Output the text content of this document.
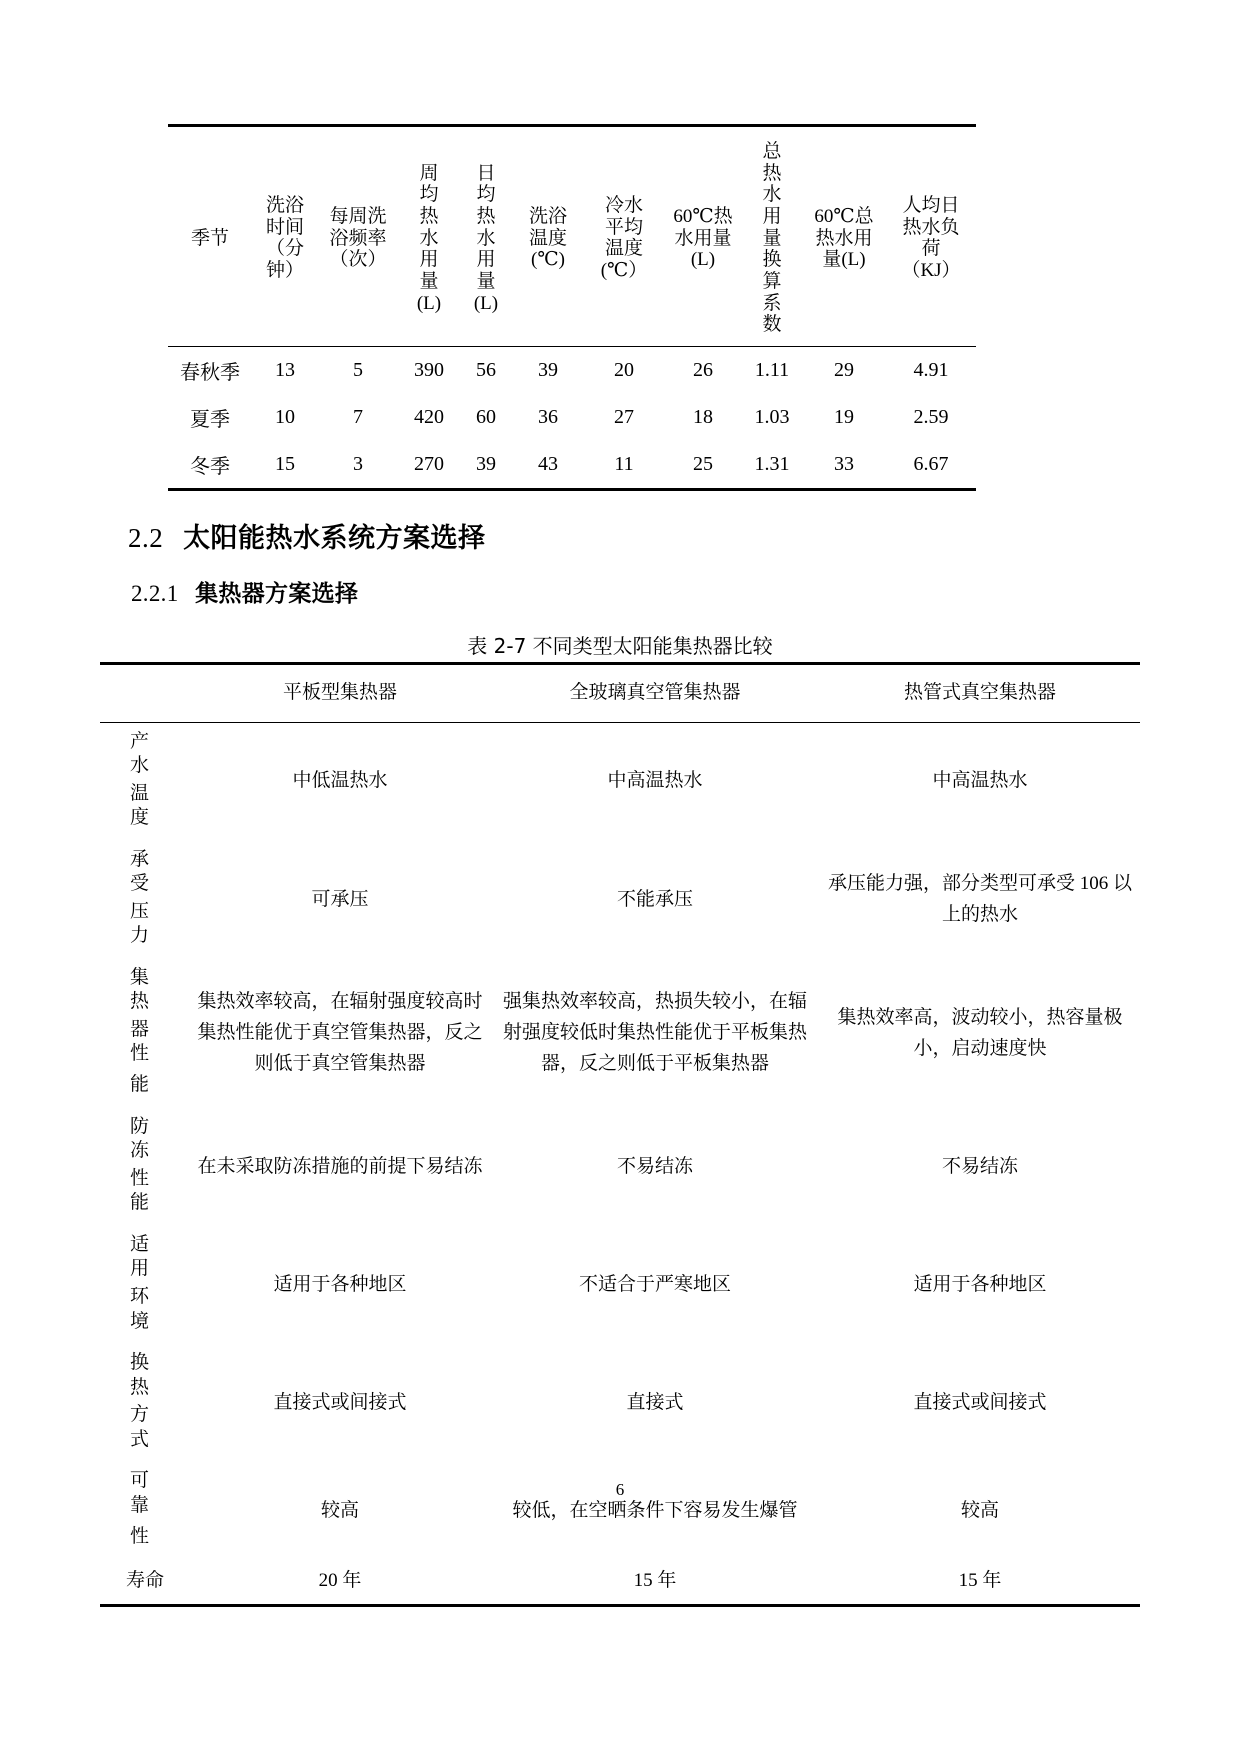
季节

洗浴
时间
（分
钟）

每周洗
浴频率
（次）

周
均
热
水
用
量
(L)

日
均
热
水
用
量
(L)

洗浴
温度
(℃)

冷水
平均
温度
(℃）

60℃热
水用量
(L)

总
热
水
用
量
换
算
系
数

60℃总
热水用
量(L)

人均日
热水负
荷
（KJ）

春秋季	13	5	390	56	39	20	26	1.11	29	4.91
夏季	10	7	420	60	36	27	18	1.03	19	2.59
冬季	15	3	270	39	43	11	25	1.31	33	6.67
2.2 太阳能热水系统方案选择
2.2.1 集热器方案选择
表 2-7 不同类型太阳能集热器比较
	平板型集热器	全玻璃真空管集热器	热管式真空集热器
产水
温度	中低温热水	中高温热水	中高温热水
承受
压力	可承压	不能承压	承压能力强，部分类型可承受 106 以上的热水
集热
器性
能	集热效率较高，在辐射强度较高时集热性能优于真空管集热器，反之则低于真空管集热器	强集热效率较高，热损失较小，在辐射强度较低时集热性能优于平板集热器，反之则低于平板集热器	集热效率高，波动较小，热容量极小，启动速度快
防冻
性能	在未采取防冻措施的前提下易结冻	不易结冻	不易结冻
适用
环境	适用于各种地区	不适合于严寒地区	适用于各种地区
换热
方式	直接式或间接式	直接式	直接式或间接式
可靠
性	较高	较低，在空晒条件下容易发生爆管	较高
寿命	20 年	15 年	15 年
6
